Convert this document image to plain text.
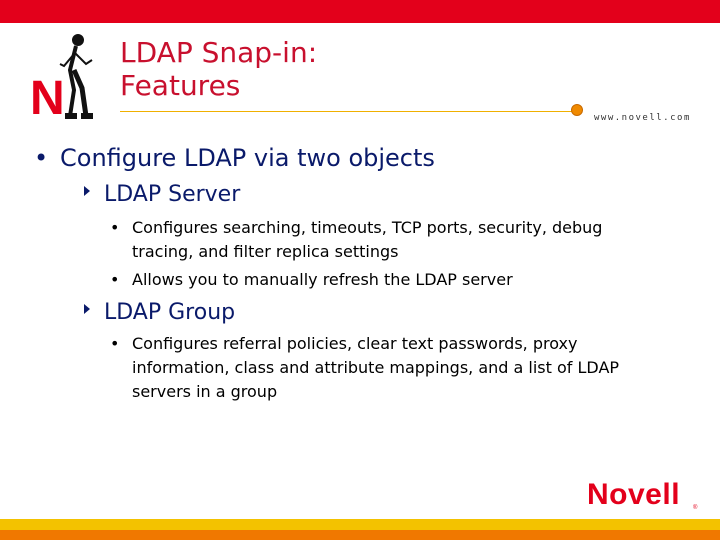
N
LDAP Snap-in:
Features
www.novell.com
• Configure LDAP via two objects
LDAP Server
• Configures searching, timeouts, TCP ports, security, debug
tracing, and filter replica settings
• Allows you to manually refresh the LDAP server
LDAP Group
• Configures referral policies, clear text passwords, proxy
information, class and attribute mappings, and a list of LDAP
servers in a group
Novell ®
